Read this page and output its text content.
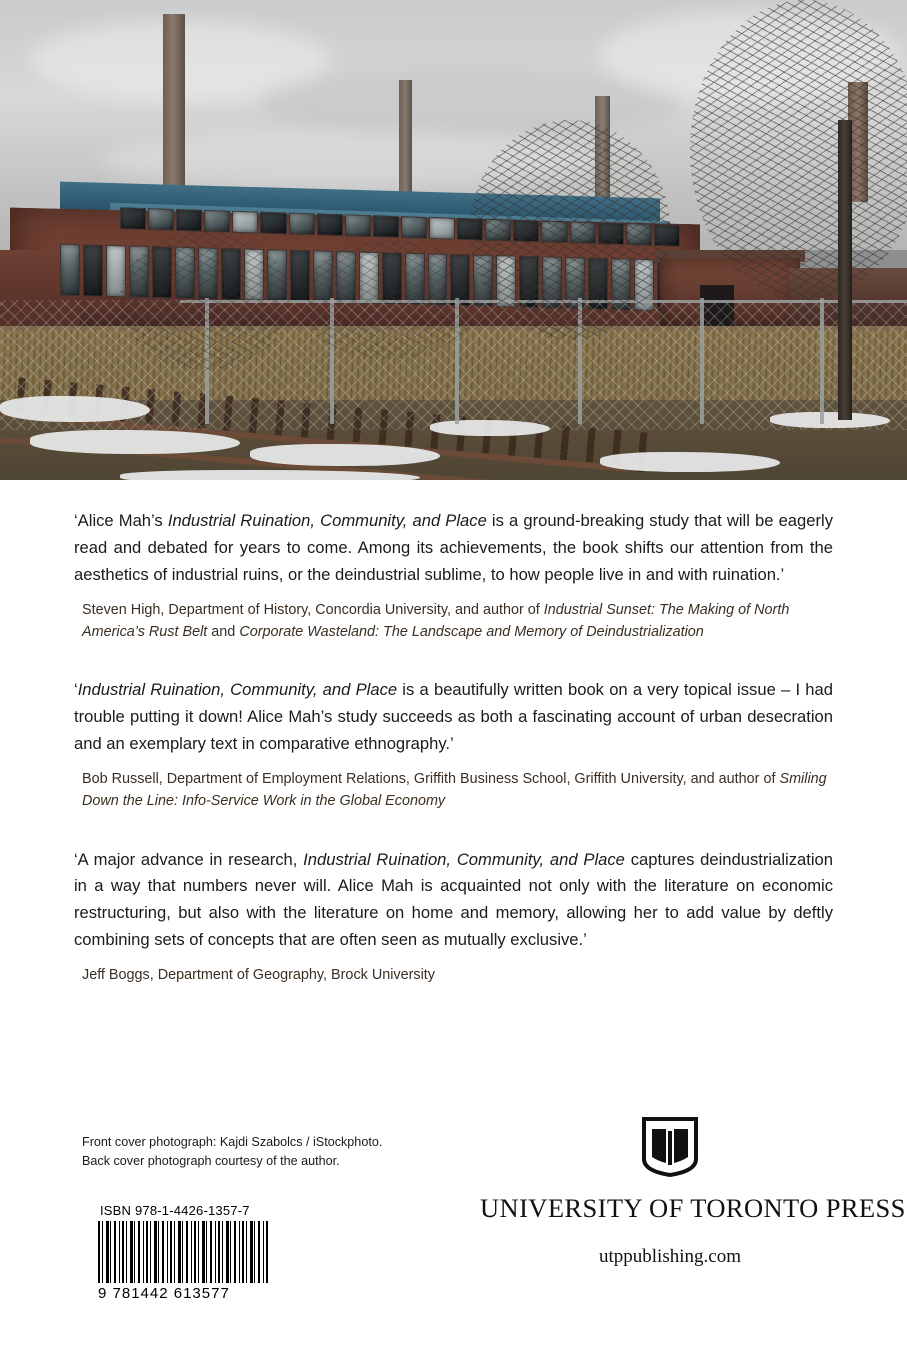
‘Alice Mah’s Industrial Ruination, Community, and Place is a ground-breaking study that will be eagerly read and debated for years to come. Among its achievements, the book shifts our attention from the aesthetics of industrial ruins, or the deindustrial sublime, to how people live in and with ruination.’

Steven High, Department of History, Concordia University, and author of Industrial Sunset: The Making of North America’s Rust Belt and Corporate Wasteland: The Landscape and Memory of Deindustrialization

‘Industrial Ruination, Community, and Place is a beautifully written book on a very topical issue – I had trouble putting it down! Alice Mah’s study succeeds as both a fascinating account of urban desecration and an exemplary text in comparative ethnography.’

Bob Russell, Department of Employment Relations, Griffith Business School, Griffith University, and author of Smiling Down the Line: Info-Service Work in the Global Economy

‘A major advance in research, Industrial Ruination, Community, and Place captures deindustrialization in a way that numbers never will. Alice Mah is acquainted not only with the literature on economic restructuring, but also with the literature on home and memory, allowing her to add value by deftly combining sets of concepts that are often seen as mutually exclusive.’

Jeff Boggs, Department of Geography, Brock University

Front cover photograph: Kajdi Szabolcs / iStockphoto.
Back cover photograph courtesy of the author.
ISBN 978-1-4426-1357-7
9 781442 613577
UNIVERSITY OF TORONTO PRESS
utppublishing.com
